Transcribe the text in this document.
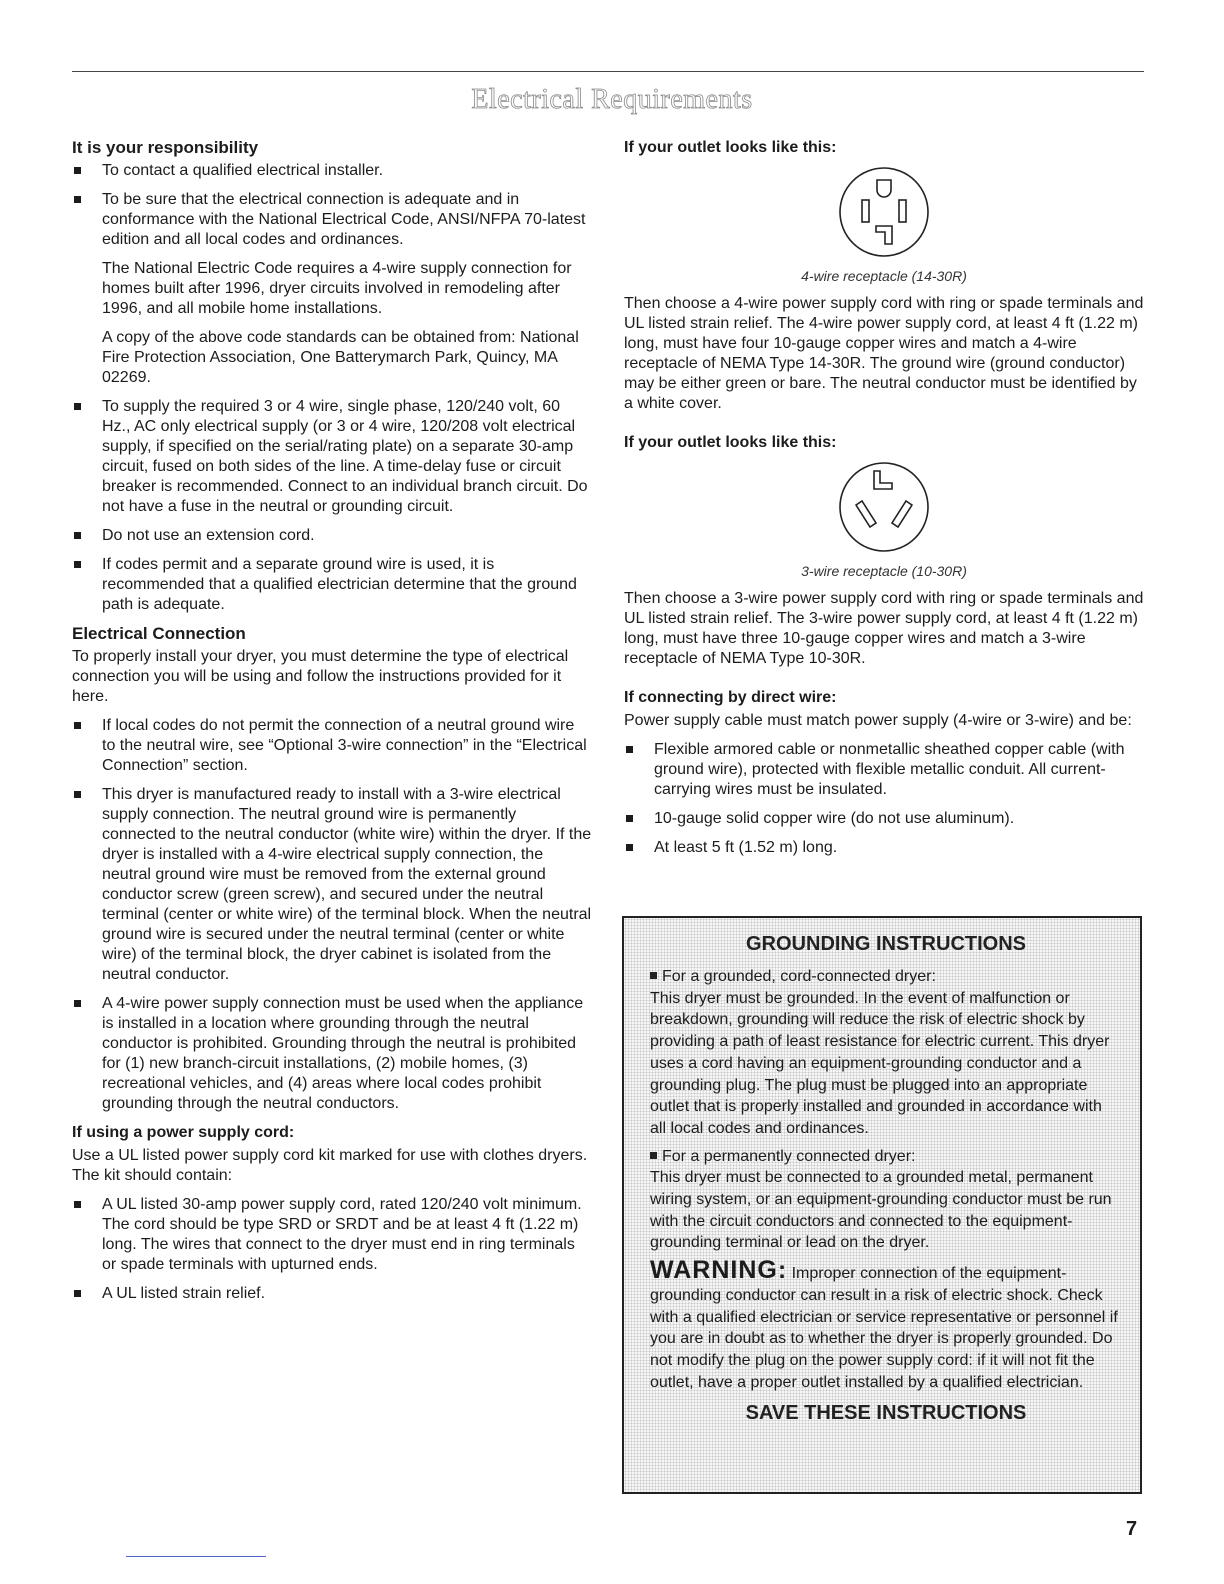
Electrical Requirements
It is your responsibility
To contact a qualified electrical installer.
To be sure that the electrical connection is adequate and in conformance with the National Electrical Code, ANSI/NFPA 70-latest edition and all local codes and ordinances.

The National Electric Code requires a 4-wire supply connection for homes built after 1996, dryer circuits involved in remodeling after 1996, and all mobile home installations.

A copy of the above code standards can be obtained from: National Fire Protection Association, One Batterymarch Park, Quincy, MA 02269.

To supply the required 3 or 4 wire, single phase, 120/240 volt, 60 Hz., AC only electrical supply (or 3 or 4 wire, 120/208 volt electrical supply, if specified on the serial/rating plate) on a separate 30-amp circuit, fused on both sides of the line. A time-delay fuse or circuit breaker is recommended. Connect to an individual branch circuit. Do not have a fuse in the neutral or grounding circuit.
Do not use an extension cord.
If codes permit and a separate ground wire is used, it is recommended that a qualified electrician determine that the ground path is adequate.
Electrical Connection

To properly install your dryer, you must determine the type of electrical connection you will be using and follow the instructions provided for it here.

If local codes do not permit the connection of a neutral ground wire to the neutral wire, see “Optional 3-wire connection” in the “Electrical Connection” section.
This dryer is manufactured ready to install with a 3-wire electrical supply connection. The neutral ground wire is permanently connected to the neutral conductor (white wire) within the dryer. If the dryer is installed with a 4-wire electrical supply connection, the neutral ground wire must be removed from the external ground conductor screw (green screw), and secured under the neutral terminal (center or white wire) of the terminal block. When the neutral ground wire is secured under the neutral terminal (center or white wire) of the terminal block, the dryer cabinet is isolated from the neutral conductor.
A 4-wire power supply connection must be used when the appliance is installed in a location where grounding through the neutral conductor is prohibited. Grounding through the neutral is prohibited for (1) new branch-circuit installations, (2) mobile homes, (3) recreational vehicles, and (4) areas where local codes prohibit grounding through the neutral conductors.
If using a power supply cord:

Use a UL listed power supply cord kit marked for use with clothes dryers. The kit should contain:

A UL listed 30-amp power supply cord, rated 120/240 volt minimum. The cord should be type SRD or SRDT and be at least 4 ft (1.22 m) long. The wires that connect to the dryer must end in ring terminals or spade terminals with upturned ends.
A UL listed strain relief.
If your outlet looks like this:
4-wire receptacle (14-30R)

Then choose a 4-wire power supply cord with ring or spade terminals and UL listed strain relief. The 4-wire power supply cord, at least 4 ft (1.22 m) long, must have four 10-gauge copper wires and match a 4-wire receptacle of NEMA Type 14-30R. The ground wire (ground conductor) may be either green or bare. The neutral conductor must be identified by a white cover.

If your outlet looks like this:
3-wire receptacle (10-30R)

Then choose a 3-wire power supply cord with ring or spade terminals and UL listed strain relief. The 3-wire power supply cord, at least 4 ft (1.22 m) long, must have three 10-gauge copper wires and match a 3-wire receptacle of NEMA Type 10-30R.

If connecting by direct wire:

Power supply cable must match power supply (4-wire or 3-wire) and be:

Flexible armored cable or nonmetallic sheathed copper cable (with ground wire), protected with flexible metallic conduit. All current-carrying wires must be insulated.
10-gauge solid copper wire (do not use aluminum).
At least 5 ft (1.52 m) long.
GROUNDING INSTRUCTIONS
For a grounded, cord-connected dryer:

This dryer must be grounded. In the event of malfunction or breakdown, grounding will reduce the risk of electric shock by providing a path of least resistance for electric current. This dryer uses a cord having an equipment-grounding conductor and a grounding plug. The plug must be plugged into an appropriate outlet that is properly installed and grounded in accordance with all local codes and ordinances.

For a permanently connected dryer:

This dryer must be connected to a grounded metal, permanent wiring system, or an equipment-grounding conductor must be run with the circuit conductors and connected to the equipment-grounding terminal or lead on the dryer.

WARNING: Improper connection of the equipment-grounding conductor can result in a risk of electric shock. Check with a qualified electrician or service representative or personnel if you are in doubt as to whether the dryer is properly grounded. Do not modify the plug on the power supply cord: if it will not fit the outlet, have a proper outlet installed by a qualified electrician.

SAVE THESE INSTRUCTIONS
7
